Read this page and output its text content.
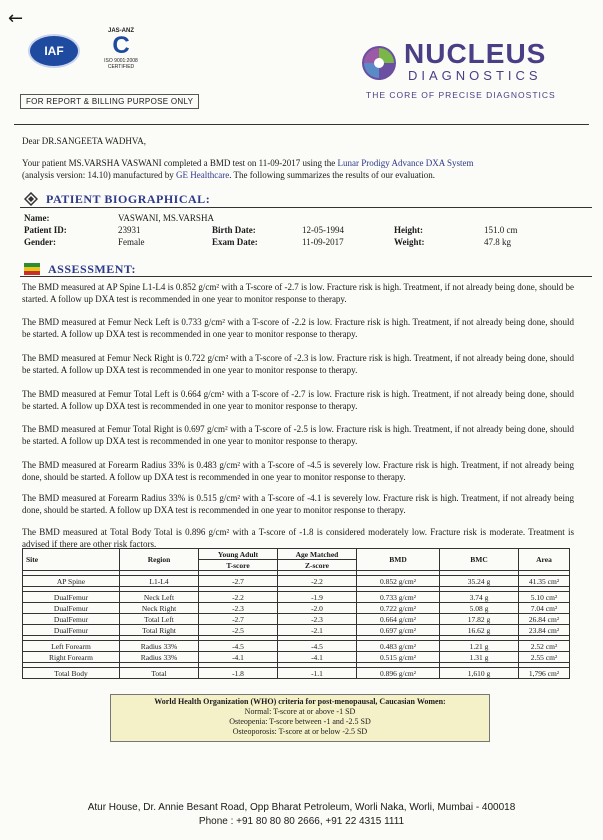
←
IAF
JAS-ANZ
C
ISO 9001:2008 CERTIFIED	NUCLEUS
DIAGNOSTICS
THE CORE OF PRECISE DIAGNOSTICS
FOR REPORT & BILLING PURPOSE ONLY
Dear DR.SANGEETA WADHVA,
Your patient MS.VARSHA VASWANI completed a BMD test on 11-09-2017 using the Lunar Prodigy Advance DXA System
(analysis version: 14.10) manufactured by GE Healthcare. The following summarizes the results of our evaluation.
PATIENT BIOGRAPHICAL:
Name:	VASWANI, MS.VARSHA
Patient ID:	23931
Gender:	Female
Birth Date:	12-05-1994
Exam Date:	11-09-2017
Height:	151.0 cm
Weight:	47.8 kg
ASSESSMENT:
The BMD measured at AP Spine L1-L4 is 0.852 g/cm² with a T-score of -2.7 is low. Fracture risk is high. Treatment, if not already being done, should be started. A follow up DXA test is recommended in one year to monitor response to therapy.
The BMD measured at Femur Neck Left is 0.733 g/cm² with a T-score of -2.2 is low. Fracture risk is high. Treatment, if not already being done, should be started. A follow up DXA test is recommended in one year to monitor response to therapy.
The BMD measured at Femur Neck Right is 0.722 g/cm² with a T-score of -2.3 is low. Fracture risk is high. Treatment, if not already being done, should be started. A follow up DXA test is recommended in one year to monitor response to therapy.
The BMD measured at Femur Total Left is 0.664 g/cm² with a T-score of -2.7 is low. Fracture risk is high. Treatment, if not already being done, should be started. A follow up DXA test is recommended in one year to monitor response to therapy.
The BMD measured at Femur Total Right is 0.697 g/cm² with a T-score of -2.5 is low. Fracture risk is high. Treatment, if not already being done, should be started. A follow up DXA test is recommended in one year to monitor response to therapy.
The BMD measured at Forearm Radius 33% is 0.483 g/cm² with a T-score of -4.5 is severely low. Fracture risk is high. Treatment, if not already being done, should be started. A follow up DXA test is recommended in one year to monitor response to therapy.
The BMD measured at Forearm Radius 33% is 0.515 g/cm² with a T-score of -4.1 is severely low. Fracture risk is high. Treatment, if not already being done, should be started. A follow up DXA test is recommended in one year to monitor response to therapy.
The BMD measured at Total Body Total is 0.896 g/cm² with a T-score of -1.8 is considered moderately low. Fracture risk is moderate. Treatment is advised if there are other risk factors.
Site	Region	Young Adult	Age Matched	BMD	BMC	Area
		T-score	Z-score			

AP Spine	L1-L4	-2.7	-2.2	0.852 g/cm²	35.24 g	41.35 cm²

DualFemur	Neck Left	-2.2	-1.9	0.733 g/cm²	3.74 g	5.10 cm²
DualFemur	Neck Right	-2.3	-2.0	0.722 g/cm²	5.08 g	7.04 cm²
DualFemur	Total Left	-2.7	-2.3	0.664 g/cm²	17.82 g	26.84 cm²
DualFemur	Total Right	-2.5	-2.1	0.697 g/cm²	16.62 g	23.84 cm²

Left Forearm	Radius 33%	-4.5	-4.5	0.483 g/cm²	1.21 g	2.52 cm²
Right Forearm	Radius 33%	-4.1	-4.1	0.515 g/cm²	1.31 g	2.55 cm²

Total Body	Total	-1.8	-1.1	0.896 g/cm²	1,610 g	1,796 cm²
World Health Organization (WHO) criteria for post-menopausal, Caucasian Women:
Normal: T-score at or above -1 SD
Osteopenia: T-score between -1 and -2.5 SD
Osteoporosis: T-score at or below -2.5 SD
Atur House, Dr. Annie Besant Road, Opp Bharat Petroleum, Worli Naka, Worli, Mumbai - 400018
Phone : +91 80 80 80 2666, +91 22 4315 1111
